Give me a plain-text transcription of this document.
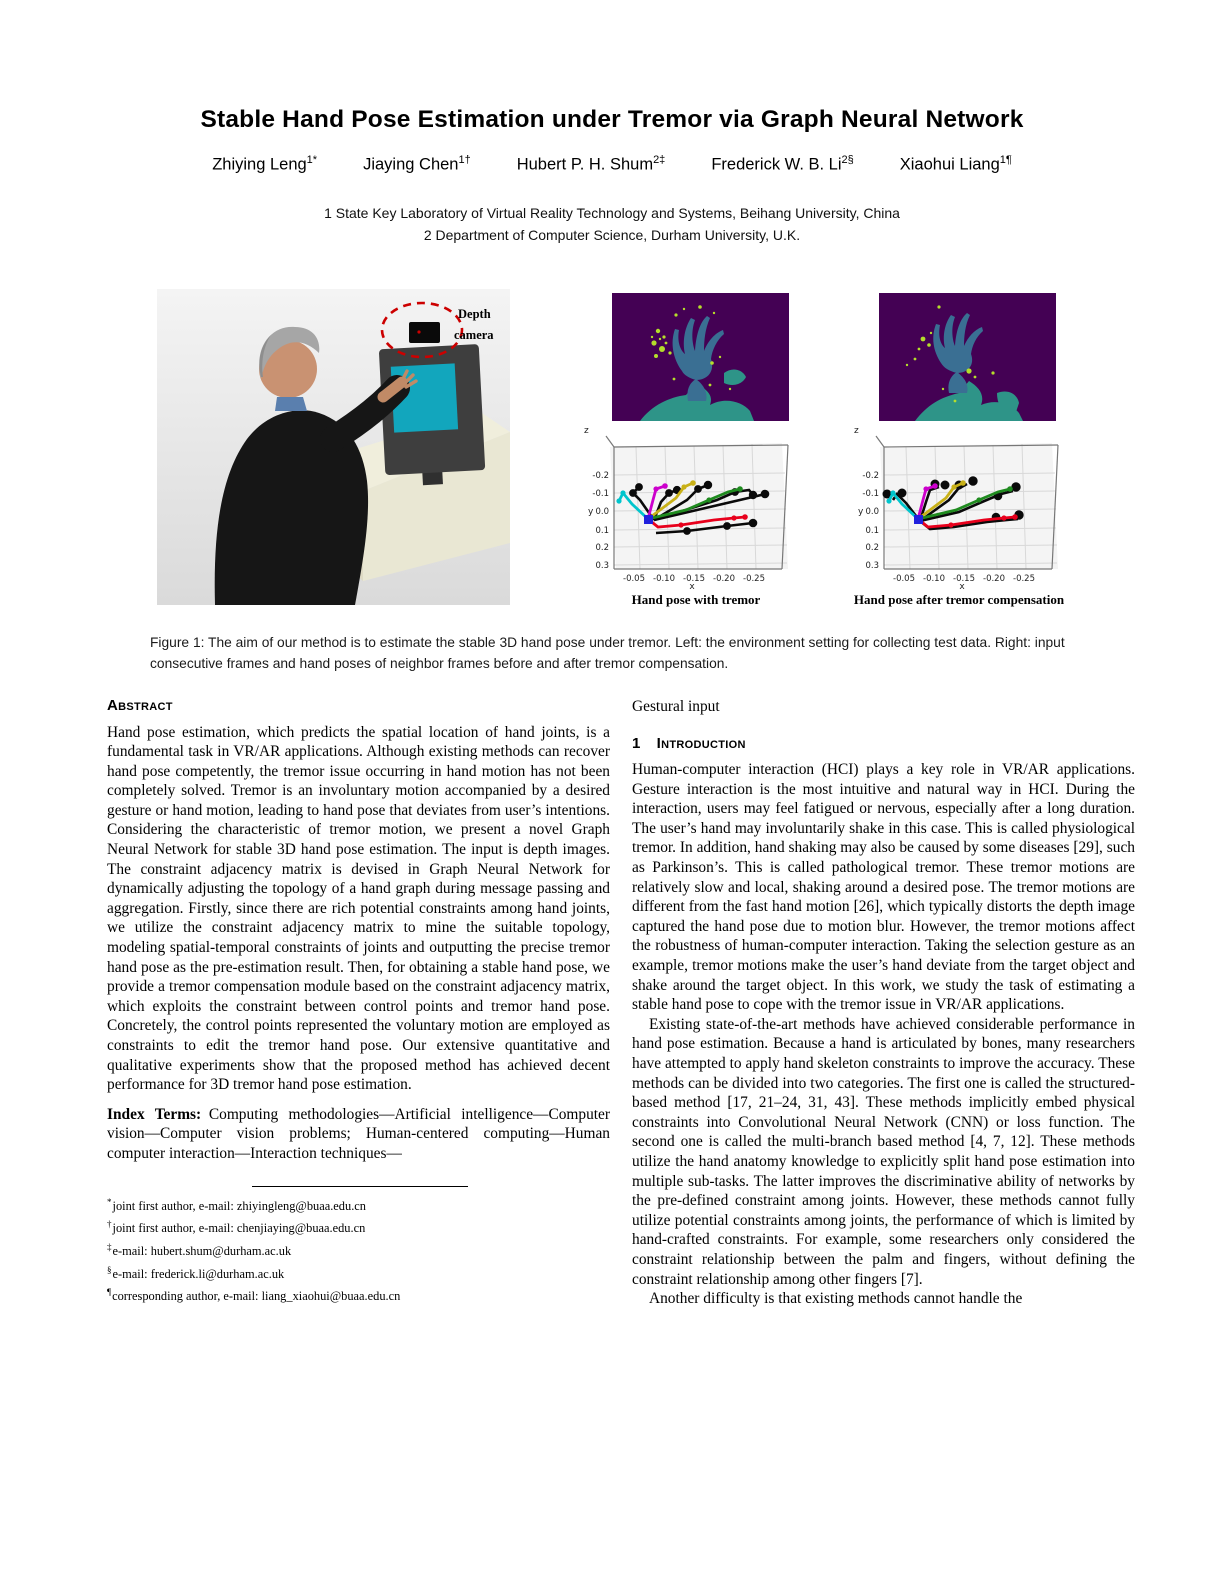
Stable Hand Pose Estimation under Tremor via Graph Neural Network
Zhiying Leng$^{1*}$	Jiaying Chen$^{1\dagger}$	Hubert P. H. Shum$^{2\ddagger}$	Frederick W. B. $Li^{2\S}$	Xiaohui Liang$^{1\P}$
1 State Key Laboratory of Virtual Reality Technology and Systems, Beihang University, China
2 Department of Computer Science, Durham University, U.K.
Depth
camera
z
-0.2
-0.1
0.0
0.1
0.2
0.3
y
-0.05 -0.10 -0.15 -0.20 -0.25
x
Hand pose with tremor
z
-0.2
-0.1
0.0
0.1
0.2
0.3
y
-0.05 -0.10 -0.15 -0.20 -0.25
x
Hand pose after tremor compensation
Figure 1: The aim of our method is to estimate the stable 3D hand pose under tremor. Left: the environment setting for collecting test data. Right: input consecutive frames and hand poses of neighbor frames before and after tremor compensation.
Abstract

Hand pose estimation, which predicts the spatial location of hand joints, is a fundamental task in VR/AR applications. Although existing methods can recover hand pose competently, the tremor issue occurring in hand motion has not been completely solved. Tremor is an involuntary motion accompanied by a desired gesture or hand motion, leading to hand pose that deviates from user’s intentions. Considering the characteristic of tremor motion, we present a novel Graph Neural Network for stable 3D hand pose estimation. The input is depth images. The constraint adjacency matrix is devised in Graph Neural Network for dynamically adjusting the topology of a hand graph during message passing and aggregation. Firstly, since there are rich potential constraints among hand joints, we utilize the constraint adjacency matrix to mine the suitable topology, modeling spatial-temporal constraints of joints and outputting the precise tremor hand pose as the pre-estimation result. Then, for obtaining a stable hand pose, we provide a tremor compensation module based on the constraint adjacency matrix, which exploits the constraint between control points and tremor hand pose. Concretely, the control points represented the voluntary motion are employed as constraints to edit the tremor hand pose. Our extensive quantitative and qualitative experiments show that the proposed method has achieved decent performance for 3D tremor hand pose estimation.

Index Terms:  Computing methodologies—Artificial intelligence—Computer vision—Computer vision problems; Human-centered computing—Human computer interaction—Interaction techniques—

*joint first author, e-mail: zhiyingleng@buaa.edu.cn
†joint first author, e-mail: chenjiaying@buaa.edu.cn
‡e-mail: hubert.shum@durham.ac.uk
§e-mail: frederick.li@durham.ac.uk
¶corresponding author, e-mail: liang_xiaohui@buaa.edu.cn

Gestural input

1 Introduction

Human-computer interaction (HCI) plays a key role in VR/AR applications. Gesture interaction is the most intuitive and natural way in HCI. During the interaction, users may feel fatigued or nervous, especially after a long duration. The user’s hand may involuntarily shake in this case. This is called physiological tremor. In addition, hand shaking may also be caused by some diseases [29], such as Parkinson’s. This is called pathological tremor. These tremor motions are relatively slow and local, shaking around a desired pose. The tremor motions are different from the fast hand motion [26], which typically distorts the depth image captured the hand pose due to motion blur. However, the tremor motions affect the robustness of human-computer interaction. Taking the selection gesture as an example, tremor motions make the user’s hand deviate from the target object and shake around the target object. In this work, we study the task of estimating a stable hand pose to cope with the tremor issue in VR/AR applications.

Existing state-of-the-art methods have achieved considerable performance in hand pose estimation. Because a hand is articulated by bones, many researchers have attempted to apply hand skeleton constraints to improve the accuracy. These methods can be divided into two categories. The first one is called the structured-based method [17, 21–24, 31, 43]. These methods implicitly embed physical constraints into Convolutional Neural Network (CNN) or loss function. The second one is called the multi-branch based method [4, 7, 12]. These methods utilize the hand anatomy knowledge to explicitly split hand pose estimation into multiple sub-tasks. The latter improves the discriminative ability of networks by the pre-defined constraint among joints. However, these methods cannot fully utilize potential constraints among joints, the performance of which is limited by hand-crafted constraints. For example, some researchers only considered the constraint relationship between the palm and fingers, without defining the constraint relationship among other fingers [7].

Another difficulty is that existing methods cannot handle the
